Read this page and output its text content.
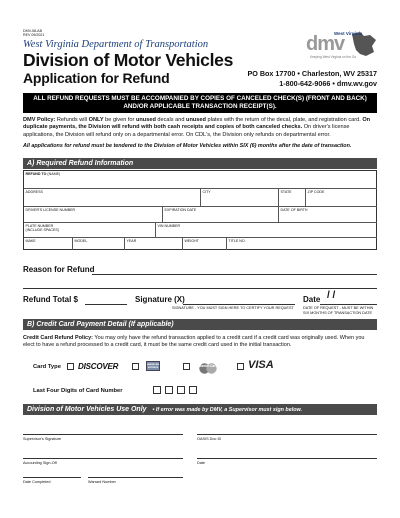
DMV-58-AB
REV 09/2021
West Virginia Department of Transportation
Division of Motor Vehicles
Application for Refund
West Virginia
dmv
Keeping West Virginia on the Go
PO Box 17700 • Charleston, WV 25317
1-800-642-9066 • dmv.wv.gov
ALL REFUND REQUESTS MUST BE ACCOMPANIED BY COPIES OF CANCELED CHECK(S) (FRONT AND BACK)
AND/OR APPLICABLE TRANSACTION RECEIPT(S).
DMV Policy: Refunds will ONLY be given for unused decals and unused plates with the return of the decal, plate, and registration card. On duplicate payments, the Division will refund with both cash receipts and copies of both canceled checks. On driver's license applications, the Division will refund only on a departmental error. On CDL's, the Division only refunds on departmental error.
All applications for refund must be tendered to the Division of Motor Vehicles within SIX (6) months after the date of transaction.
A) Required Refund Information
REFUND TO (NAME)
ADDRESS	CITY	STATE	ZIP CODE
DRIVER'S LICENSE NUMBER	EXPIRATION DATE	DATE OF BIRTH
PLATE NUMBER
(INCLUDE SPACES)
VIN NUMBER
MAKE	MODEL	YEAR	WEIGHT	TITLE NO.
Reason for Refund
Refund Total $	Signature (X)
SIGNATURE - YOU MUST SIGN HERE TO CERTIFY YOUR REQUEST
Date / /
DATE OF REQUEST - MUST BE WITHIN
SIX MONTHS OF TRANSACTION DATE
B) Credit Card Payment Detail (If applicable)
Credit Card Refund Policy: You may only have the refund transaction applied to a credit card if a credit card was originally used. When you elect to have a refund processed to a credit card, it must be the same credit card used in the initial transaction.
Card Type DISCOVER	AMERICAN EXPRESS	MasterCard	VISA
Last Four Digits of Card Number
Division of Motor Vehicles Use Only • If error was made by DMV, a Supervisor must sign below.
Supervisor's Signature	OASIS Doc ID
Accounting Sign-Off	Date
Date Completed	Warrant Number
